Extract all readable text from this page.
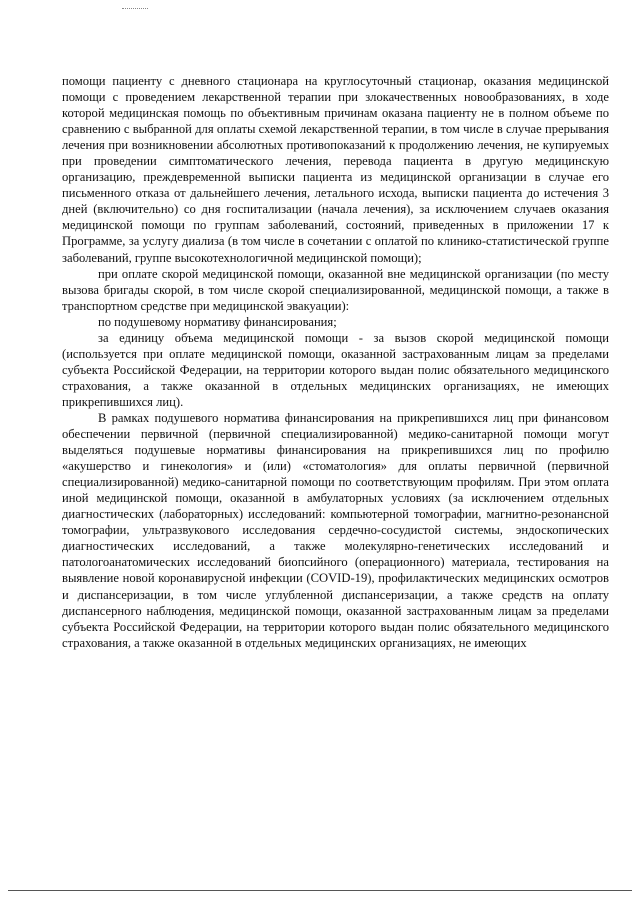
помощи пациенту с дневного стационара на круглосуточный стационар, оказания медицинской помощи с проведением лекарственной терапии при злокачественных новообразованиях, в ходе которой медицинская помощь по объективным причинам оказана пациенту не в полном объеме по сравнению с выбранной для оплаты схемой лекарственной терапии, в том числе в случае прерывания лечения при возникновении абсолютных противопоказаний к продолжению лечения, не купируемых при проведении симптоматического лечения, перевода пациента в другую медицинскую организацию, преждевременной выписки пациента из медицинской организации в случае его письменного отказа от дальнейшего лечения, летального исхода, выписки пациента до истечения 3 дней (включительно) со дня госпитализации (начала лечения), за исключением случаев оказания медицинской помощи по группам заболеваний, состояний, приведенных в приложении 17 к Программе, за услугу диализа (в том числе в сочетании с оплатой по клинико-статистической группе заболеваний, группе высокотехнологичной медицинской помощи);

при оплате скорой медицинской помощи, оказанной вне медицинской организации (по месту вызова бригады скорой, в том числе скорой специализированной, медицинской помощи, а также в транспортном средстве при медицинской эвакуации):

по подушевому нормативу финансирования;

за единицу объема медицинской помощи - за вызов скорой медицинской помощи (используется при оплате медицинской помощи, оказанной застрахованным лицам за пределами субъекта Российской Федерации, на территории которого выдан полис обязательного медицинского страхования, а также оказанной в отдельных медицинских организациях, не имеющих прикрепившихся лиц).

В рамках подушевого норматива финансирования на прикрепившихся лиц при финансовом обеспечении первичной (первичной специализированной) медико-санитарной помощи могут выделяться подушевые нормативы финансирования на прикрепившихся лиц по профилю «акушерство и гинекология» и (или) «стоматология» для оплаты первичной (первичной специализированной) медико-санитарной помощи по соответствующим профилям. При этом оплата иной медицинской помощи, оказанной в амбулаторных условиях (за исключением отдельных диагностических (лабораторных) исследований: компьютерной томографии, магнитно-резонансной томографии, ультразвукового исследования сердечно-сосудистой системы, эндоскопических диагностических исследований, а также молекулярно-генетических исследований и патологоанатомических исследований биопсийного (операционного) материала, тестирования на выявление новой коронавирусной инфекции (COVID-19), профилактических медицинских осмотров и диспансеризации, в том числе углубленной диспансеризации, а также средств на оплату диспансерного наблюдения, медицинской помощи, оказанной застрахованным лицам за пределами субъекта Российской Федерации, на территории которого выдан полис обязательного медицинского страхования, а также оказанной в отдельных медицинских организациях, не имеющих
